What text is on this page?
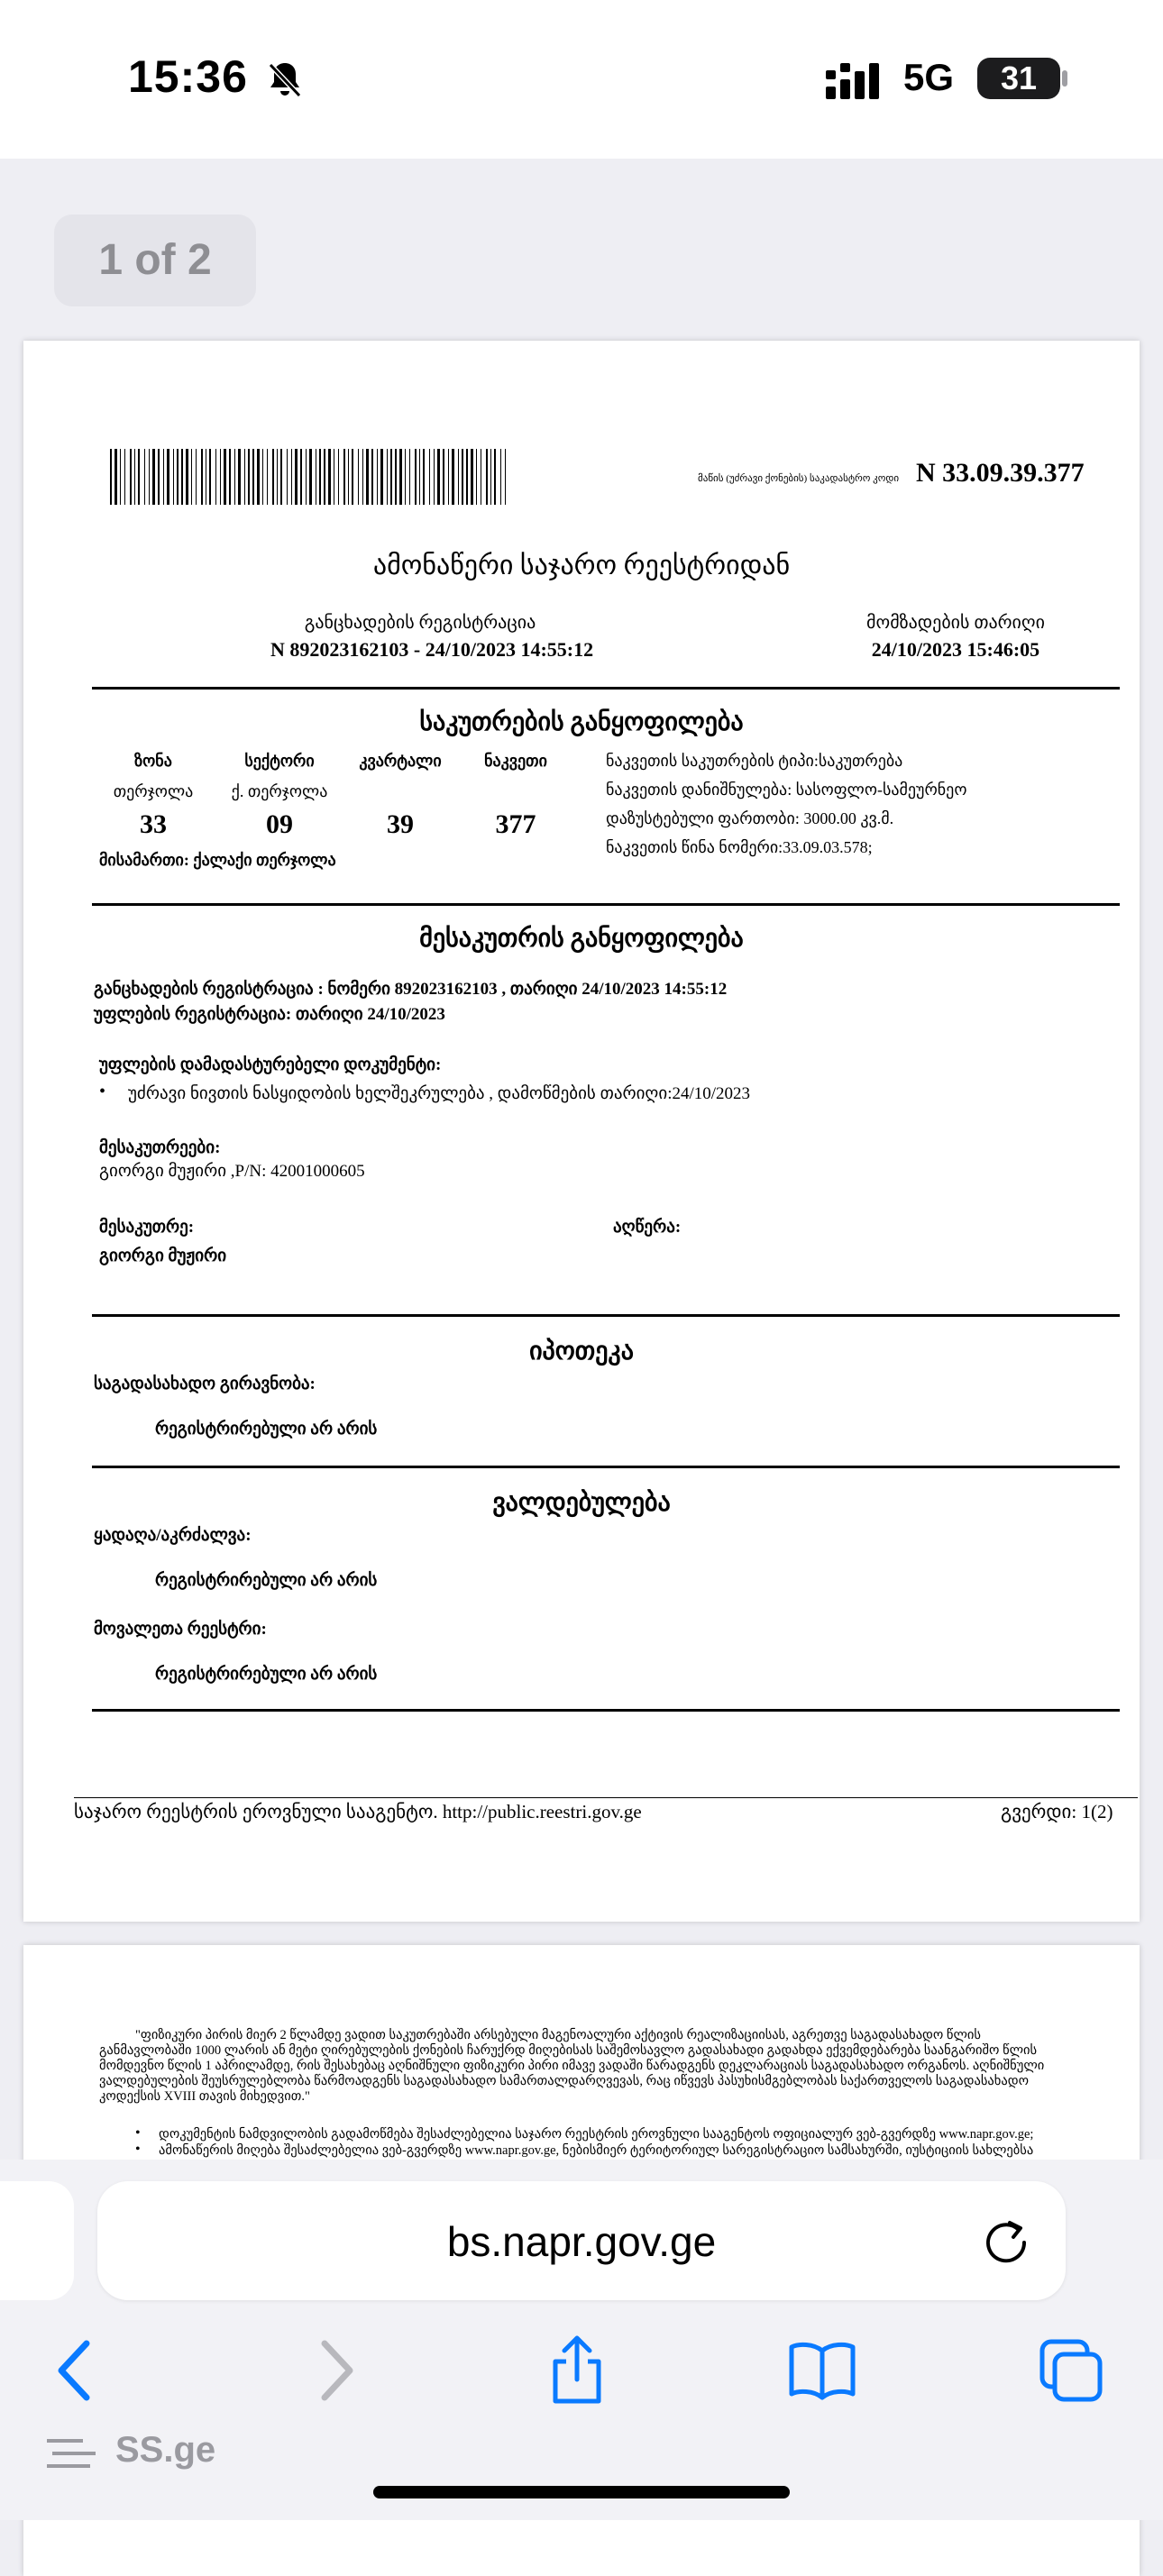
15:36	5G	31
1 of 2
მაწის (უძრავი ქონების) საკადასტრო კოდი N 33.09.39.377
ამონაწერი საჯარო რეესტრიდან
განცხადების რეგისტრაცია
N 892023162103 - 24/10/2023 14:55:12
მომზადების თარიღი
24/10/2023 15:46:05
საკუთრების განყოფილება
ზონა	სექტორი	კვარტალი	ნაკვეთი
თერჯოლა	ქ. თერჯოლა
33	09	39	377
მისამართი: ქალაქი თერჯოლა
ნაკვეთის საკუთრების ტიპი:საკუთრება
ნაკვეთის დანიშნულება: სასოფლო-სამეურნეო
დაზუსტებული ფართობი: 3000.00 კვ.მ.
ნაკვეთის წინა ნომერი:33.09.03.578;
მესაკუთრის განყოფილება
განცხადების რეგისტრაცია : ნომერი 892023162103 , თარიღი 24/10/2023 14:55:12
უფლების რეგისტრაცია: თარიღი 24/10/2023
უფლების დამადასტურებელი დოკუმენტი:
• უძრავი ნივთის ნასყიდობის ხელშეკრულება , დამოწმების თარიღი:24/10/2023
მესაკუთრეები:
გიორგი მუჟირი ,P/N: 42001000605
მესაკუთრე:	აღწერა:
გიორგი მუჟირი
იპოთეკა
საგადასახადო გირავნობა:
რეგისტრირებული არ არის
ვალდებულება
ყადაღა/აკრძალვა:
რეგისტრირებული არ არის
მოვალეთა რეესტრი:
რეგისტრირებული არ არის
საჯარო რეესტრის ეროვნული სააგენტო. http://public.reestri.gov.ge	გვერდი: 1(2)
"ფიზიკური პირის მიერ 2 წლამდე ვადით საკუთრებაში არსებული მაგენოალური აქტივის რეალიზაციისას, აგრეთვე საგადასახადო წლის განმავლობაში 1000 ლარის ან მეტი ღირებულების ქონების ჩარუქრდ მიღებისას საშემოსავლო გადასახადი გადახდა ექვემდებარება საანგარიშო წლის მომდევნო წლის 1 აპრილამდე, რის შესახებაც აღნიშნული ფიზიკური პირი იმავე ვადაში წარადგენს დეკლარაციას საგადასახადო ორგანოს. აღნიშნული ვალდებულების შეუსრულებლობა წარმოადგენს საგადასახადო სამართალდარღვევას, რაც იწვევს პასუხისმგებლობას საქართველოს საგადასახადო კოდექსის XVIII თავის მიხედვით."
• დოკუმენტის ნამდვილობის გადამოწმება შესაძლებელია საჯარო რეესტრის ეროვნული სააგენტოს ოფიციალურ ვებ-გვერდზე www.napr.gov.ge;
• ამონაწერის მიღება შესაძლებელია ვებ-გვერდზე www.napr.gov.ge, ნებისმიერ ტერიტორიულ სარეგისტრაციო სამსახურში, იუსტიციის სახლებსა
bs.napr.gov.ge
SS.ge
